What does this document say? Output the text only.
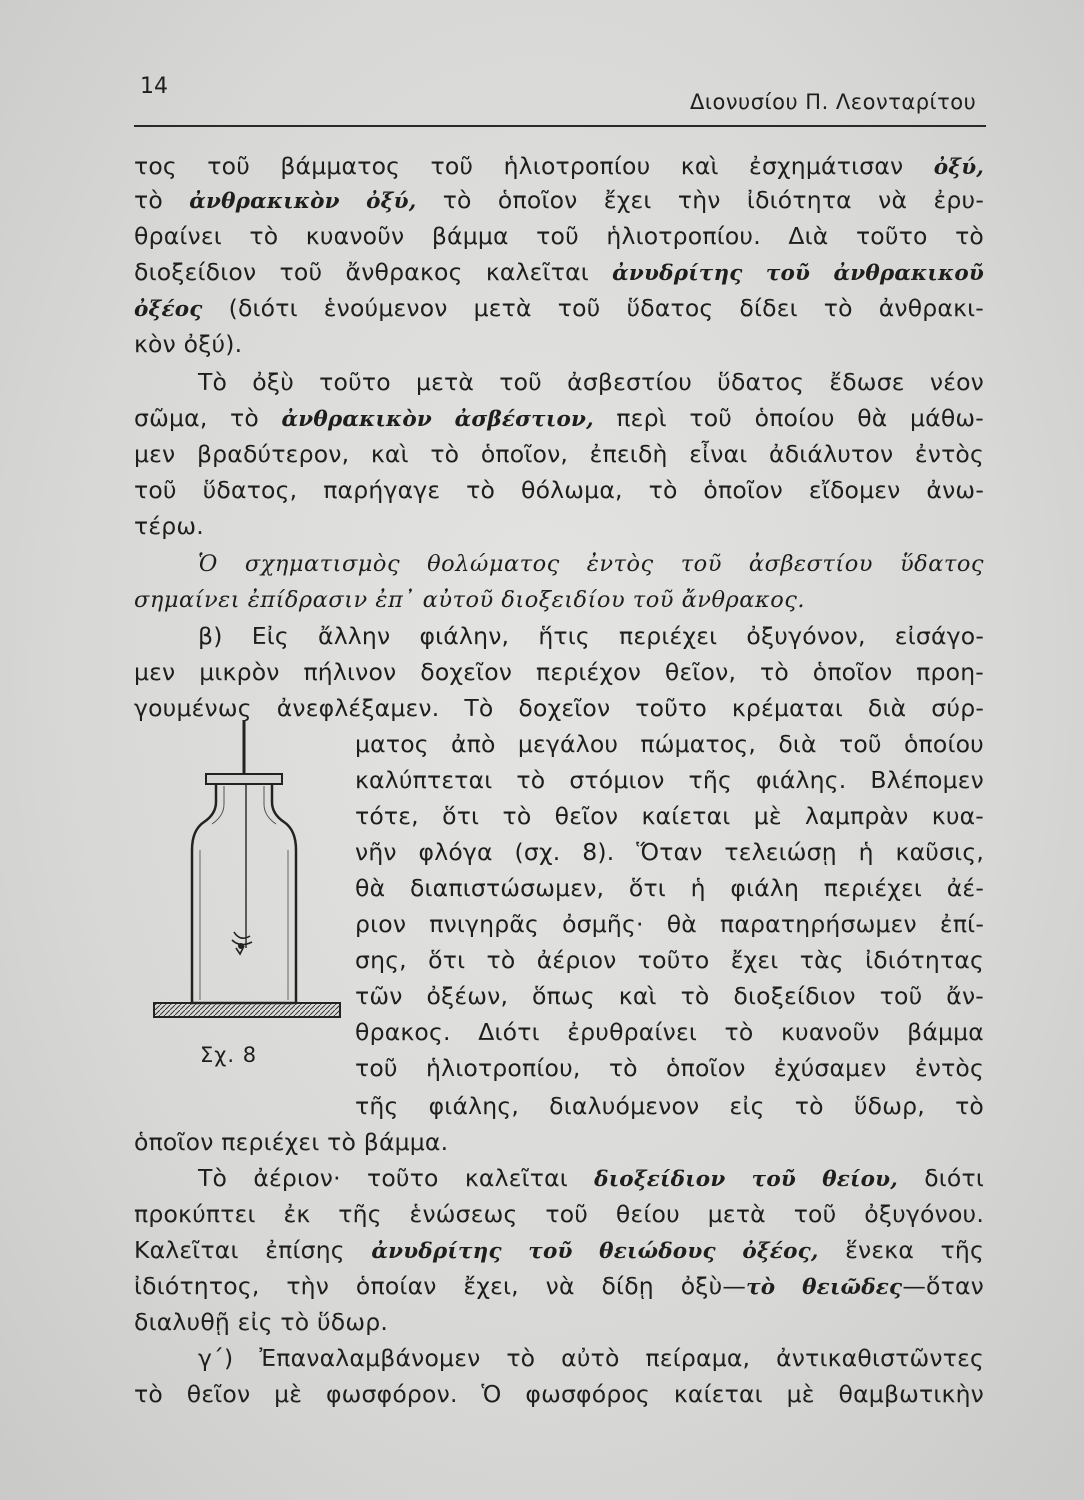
14
Διονυσίου Π. Λεονταρίτου
τος τοῦ βάμματος τοῦ ἡλιοτροπίου καὶ ἐσχημάτισαν ὀξύ,
τὸ ἀνθρακικὸν ὀξύ, τὸ ὁποῖον ἔχει τὴν ἰδιότητα νὰ ἐρυ-
θραίνει τὸ κυανοῦν βάμμα τοῦ ἡλιοτροπίου. Διὰ τοῦτο τὸ
διοξείδιον τοῦ ἄνθρακος καλεῖται ἀνυδρίτης τοῦ ἀνθρακικοῦ
ὀξέος (διότι ἑνούμενον μετὰ τοῦ ὕδατος δίδει τὸ ἀνθρακι-
κὸν ὀξύ).
Τὸ ὀξὺ τοῦτο μετὰ τοῦ ἀσβεστίου ὕδατος ἔδωσε νέον
σῶμα, τὸ ἀνθρακικὸν ἀσβέστιον, περὶ τοῦ ὁποίου θὰ μάθω-
μεν βραδύτερον, καὶ τὸ ὁποῖον, ἐπειδὴ εἶναι ἀδιάλυτον ἐντὸς
τοῦ ὕδατος, παρήγαγε τὸ θόλωμα, τὸ ὁποῖον εἴδομεν ἀνω-
τέρω.
Ὁ σχηματισμὸς θολώματος ἐντὸς τοῦ ἀσβεστίου ὕδατος
σημαίνει ἐπίδρασιν ἐπ᾽ αὐτοῦ διοξειδίου τοῦ ἄνθρακος.
β) Εἰς ἄλλην φιάλην, ἥτις περιέχει ὀξυγόνον, εἰσάγο-
μεν μικρὸν πήλινον δοχεῖον περιέχον θεῖον, τὸ ὁποῖον προη-
γουμένως ἀνεφλέξαμεν. Τὸ δοχεῖον τοῦτο κρέμαται διὰ σύρ-
ματος ἀπὸ μεγάλου πώματος, διὰ τοῦ ὁποίου
καλύπτεται τὸ στόμιον τῆς φιάλης. Βλέπομεν
τότε, ὅτι τὸ θεῖον καίεται μὲ λαμπρὰν κυα-
νῆν φλόγα (σχ. 8). Ὅταν τελειώσῃ ἡ καῦσις,
θὰ διαπιστώσωμεν, ὅτι ἡ φιάλη περιέχει ἀέ-
ριον πνιγηρᾶς ὀσμῆς· θὰ παρατηρήσωμεν ἐπί-
σης, ὅτι τὸ ἀέριον τοῦτο ἔχει τὰς ἰδιότητας
τῶν ὀξέων, ὅπως καὶ τὸ διοξείδιον τοῦ ἄν-
θρακος. Διότι ἐρυθραίνει τὸ κυανοῦν βάμμα
τοῦ ἡλιοτροπίου, τὸ ὁποῖον ἐχύσαμεν ἐντὸς
τῆς φιάλης, διαλυόμενον εἰς τὸ ὕδωρ, τὸ
ὁποῖον περιέχει τὸ βάμμα.
Τὸ ἀέριον· τοῦτο καλεῖται διοξείδιον τοῦ θείου, διότι
προκύπτει ἐκ τῆς ἑνώσεως τοῦ θείου μετὰ τοῦ ὀξυγόνου.
Καλεῖται ἐπίσης ἀνυδρίτης τοῦ θειώδους ὀξέος, ἕνεκα τῆς
ἰδιότητος, τὴν ὁποίαν ἔχει, νὰ δίδῃ ὀξὺ—τὸ θειῶδες—ὅταν
διαλυθῇ εἰς τὸ ὕδωρ.
γ΄) Ἐπαναλαμβάνομεν τὸ αὐτὸ πείραμα, ἀντικαθιστῶντες
τὸ θεῖον μὲ φωσφόρον. Ὁ φωσφόρος καίεται μὲ θαμβωτικὴν
Σχ. 8
